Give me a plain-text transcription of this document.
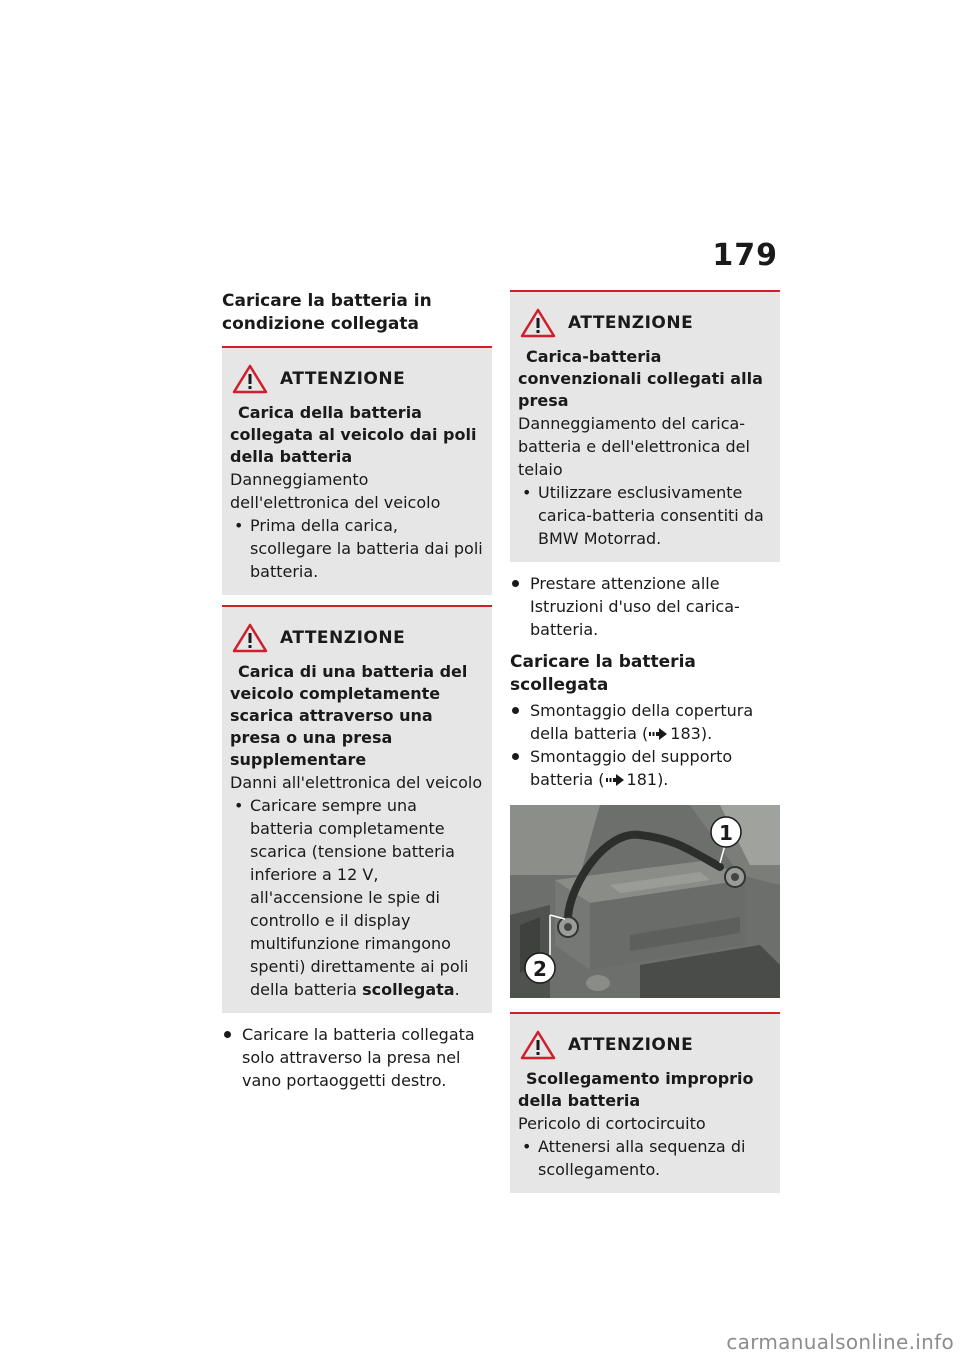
179
Caricare la batteria in condizione collegata
ATTENZIONE
Carica della batteria collegata al veicolo dai poli della batteria
Danneggiamento dell'elettronica del veicolo
• Prima della carica, scollegare la batteria dai poli batteria.
ATTENZIONE
Carica di una batteria del veicolo completamente scarica attraverso una presa o una presa supplementare
Danni all'elettronica del veicolo
• Caricare sempre una batteria completamente scarica (tensione batteria inferiore a 12 V, all'accensione le spie di controllo e il display multifunzione rimangono spenti) direttamente ai poli della batteria scollegata.
Caricare la batteria collegata solo attraverso la presa nel vano portaoggetti destro.
ATTENZIONE
Carica-batteria convenzionali collegati alla presa
Danneggiamento del carica-batteria e dell'elettronica del telaio
• Utilizzare esclusivamente carica-batteria consentiti da BMW Motorrad.
Prestare attenzione alle Istruzioni d'uso del carica-batteria.
Caricare la batteria scollegata
Smontaggio della copertura della batteria ( 183).
Smontaggio del supporto batteria ( 181).
1
2
ATTENZIONE
Scollegamento improprio della batteria
Pericolo di cortocircuito
• Attenersi alla sequenza di scollegamento.
carmanualsonline.info
